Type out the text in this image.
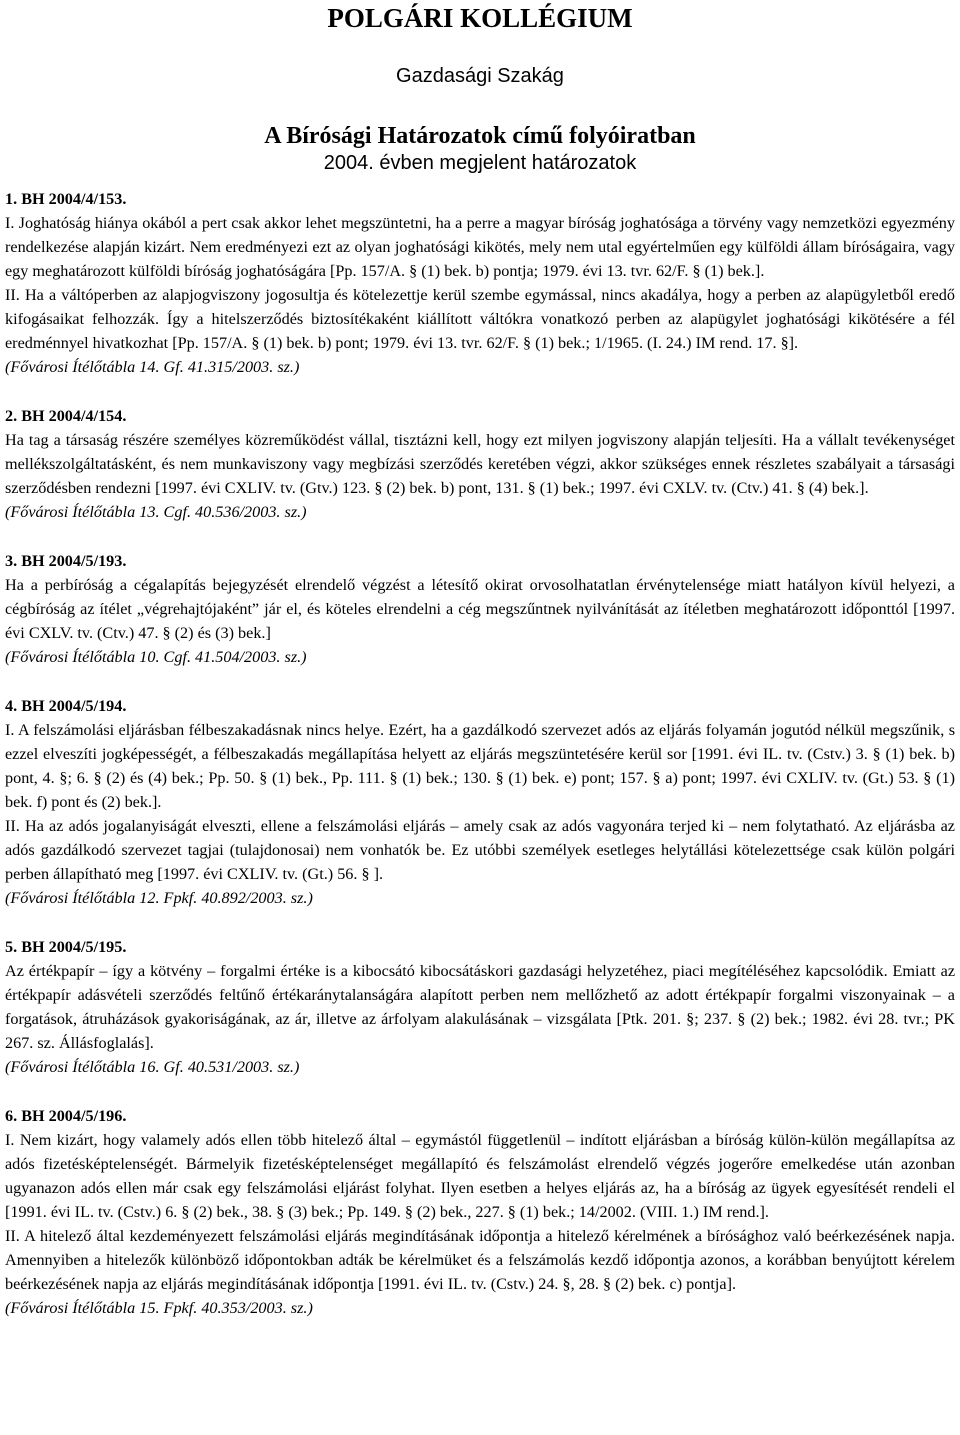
POLGÁRI KOLLÉGIUM
Gazdasági Szakág
A Bírósági Határozatok című folyóiratban
2004. évben megjelent határozatok

1. BH 2004/4/153.

I. Joghatóság hiánya okából a pert csak akkor lehet megszüntetni, ha a perre a magyar bíróság joghatósága a törvény vagy nemzetközi egyezmény rendelkezése alapján kizárt. Nem eredményezi ezt az olyan joghatósági kikötés, mely nem utal egyértelműen egy külföldi állam bíróságaira, vagy egy meghatározott külföldi bíróság joghatóságára [Pp. 157/A. § (1) bek. b) pontja; 1979. évi 13. tvr. 62/F. § (1) bek.].

II. Ha a váltóperben az alapjogviszony jogosultja és kötelezettje kerül szembe egymással, nincs akadálya, hogy a perben az alapügyletből eredő kifogásaikat felhozzák. Így a hitelszerződés biztosítékaként kiállított váltókra vonatkozó perben az alapügylet joghatósági kikötésére a fél eredménnyel hivatkozhat [Pp. 157/A. § (1) bek. b) pont; 1979. évi 13. tvr. 62/F. § (1) bek.; 1/1965. (I. 24.) IM rend. 17. §].

(Fővárosi Ítélőtábla 14. Gf. 41.315/2003. sz.)

2. BH 2004/4/154.

Ha tag a társaság részére személyes közreműködést vállal, tisztázni kell, hogy ezt milyen jogviszony alapján teljesíti. Ha a vállalt tevékenységet mellékszolgáltatásként, és nem munkaviszony vagy megbízási szerződés keretében végzi, akkor szükséges ennek részletes szabályait a társasági szerződésben rendezni [1997. évi CXLIV. tv. (Gtv.) 123. § (2) bek. b) pont, 131. § (1) bek.; 1997. évi CXLV. tv. (Ctv.) 41. § (4) bek.].

(Fővárosi Ítélőtábla 13. Cgf. 40.536/2003. sz.)

3. BH 2004/5/193.

Ha a perbíróság a cégalapítás bejegyzését elrendelő végzést a létesítő okirat orvosolhatatlan érvénytelensége miatt hatályon kívül helyezi, a cégbíróság az ítélet „végrehajtójaként” jár el, és köteles elrendelni a cég megszűntnek nyilvánítását az ítéletben meghatározott időponttól [1997. évi CXLV. tv. (Ctv.) 47. § (2) és (3) bek.]

(Fővárosi Ítélőtábla 10. Cgf. 41.504/2003. sz.)

4. BH 2004/5/194.

I. A felszámolási eljárásban félbeszakadásnak nincs helye. Ezért, ha a gazdálkodó szervezet adós az eljárás folyamán jogutód nélkül megszűnik, s ezzel elveszíti jogképességét, a félbeszakadás megállapítása helyett az eljárás megszüntetésére kerül sor [1991. évi IL. tv. (Cstv.) 3. § (1) bek. b) pont, 4. §; 6. § (2) és (4) bek.; Pp. 50. § (1) bek., Pp. 111. § (1) bek.; 130. § (1) bek. e) pont; 157. § a) pont; 1997. évi CXLIV. tv. (Gt.) 53. § (1) bek. f) pont és (2) bek.].

II. Ha az adós jogalanyiságát elveszti, ellene a felszámolási eljárás – amely csak az adós vagyonára terjed ki – nem folytatható. Az eljárásba az adós gazdálkodó szervezet tagjai (tulajdonosai) nem vonhatók be. Ez utóbbi személyek esetleges helytállási kötelezettsége csak külön polgári perben állapítható meg [1997. évi CXLIV. tv. (Gt.) 56. § ].

(Fővárosi Ítélőtábla 12. Fpkf. 40.892/2003. sz.)

5. BH 2004/5/195.

Az értékpapír – így a kötvény – forgalmi értéke is a kibocsátó kibocsátáskori gazdasági helyzetéhez, piaci megítéléséhez kapcsolódik. Emiatt az értékpapír adásvételi szerződés feltűnő értékaránytalanságára alapított perben nem mellőzhető az adott értékpapír forgalmi viszonyainak – a forgatások, átruházások gyakoriságának, az ár, illetve az árfolyam alakulásának – vizsgálata [Ptk. 201. §; 237. § (2) bek.; 1982. évi 28. tvr.; PK 267. sz. Állásfoglalás].

(Fővárosi Ítélőtábla 16. Gf. 40.531/2003. sz.)

6. BH 2004/5/196.

I. Nem kizárt, hogy valamely adós ellen több hitelező által – egymástól függetlenül – indított eljárásban a bíróság külön-külön megállapítsa az adós fizetésképtelenségét. Bármelyik fizetésképtelenséget megállapító és felszámolást elrendelő végzés jogerőre emelkedése után azonban ugyanazon adós ellen már csak egy felszámolási eljárást folyhat. Ilyen esetben a helyes eljárás az, ha a bíróság az ügyek egyesítését rendeli el [1991. évi IL. tv. (Cstv.) 6. § (2) bek., 38. § (3) bek.; Pp. 149. § (2) bek., 227. § (1) bek.; 14/2002. (VIII. 1.) IM rend.].

II. A hitelező által kezdeményezett felszámolási eljárás megindításának időpontja a hitelező kérelmének a bírósághoz való beérkezésének napja. Amennyiben a hitelezők különböző időpontokban adták be kérelmüket és a felszámolás kezdő időpontja azonos, a korábban benyújtott kérelem beérkezésének napja az eljárás megindításának időpontja [1991. évi IL. tv. (Cstv.) 24. §, 28. § (2) bek. c) pontja].

(Fővárosi Ítélőtábla 15. Fpkf. 40.353/2003. sz.)
